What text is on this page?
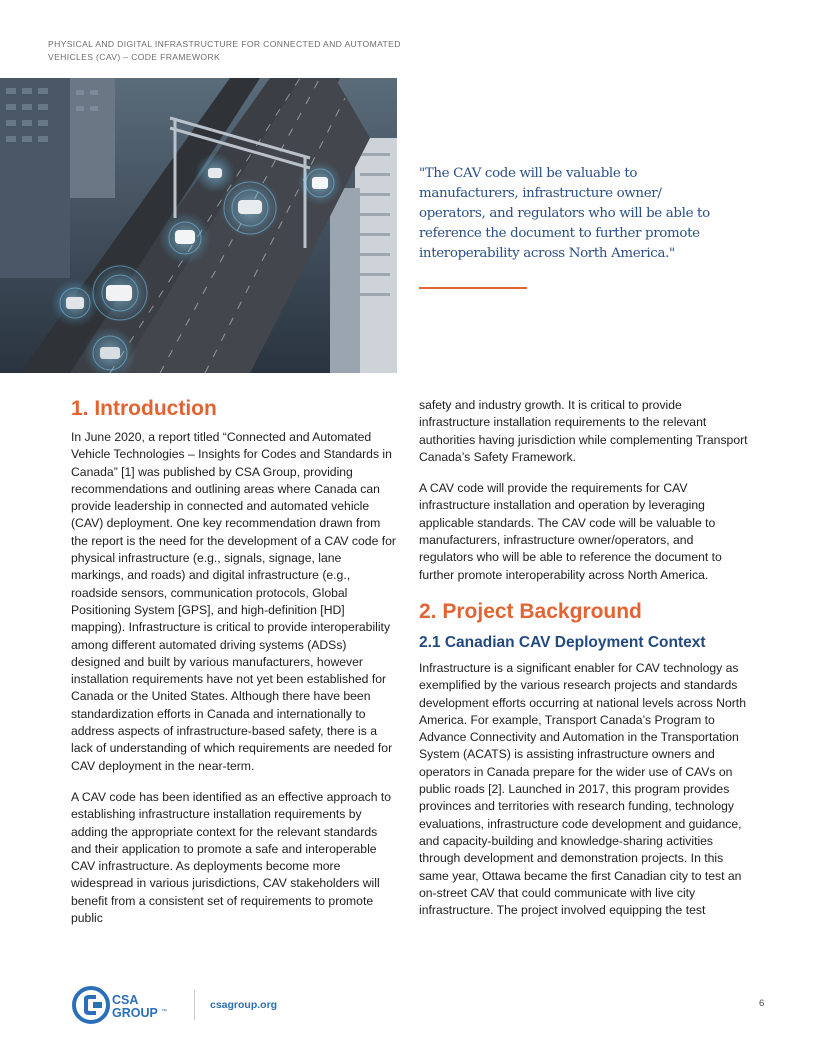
PHYSICAL AND DIGITAL INFRASTRUCTURE FOR CONNECTED AND AUTOMATED VEHICLES (CAV) – CODE FRAMEWORK
"The CAV code will be valuable to manufacturers, infrastructure owner/ operators, and regulators who will be able to reference the document to further promote interoperability across North America."
1. Introduction

In June 2020, a report titled “Connected and Automated Vehicle Technologies – Insights for Codes and Standards in Canada” [1] was published by CSA Group, providing recommendations and outlining areas where Canada can provide leadership in connected and automated vehicle (CAV) deployment. One key recommendation drawn from the report is the need for the development of a CAV code for physical infrastructure (e.g., signals, signage, lane markings, and roads) and digital infrastructure (e.g., roadside sensors, communication protocols, Global Positioning System [GPS], and high-definition [HD] mapping). Infrastructure is critical to provide interoperability among different automated driving systems (ADSs) designed and built by various manufacturers, however installation requirements have not yet been established for Canada or the United States. Although there have been standardization efforts in Canada and internationally to address aspects of infrastructure-based safety, there is a lack of understanding of which requirements are needed for CAV deployment in the near-term.

A CAV code has been identified as an effective approach to establishing infrastructure installation requirements by adding the appropriate context for the relevant standards and their application to promote a safe and interoperable CAV infrastructure. As deployments become more widespread in various jurisdictions, CAV stakeholders will benefit from a consistent set of requirements to promote public

safety and industry growth. It is critical to provide infrastructure installation requirements to the relevant authorities having jurisdiction while complementing Transport Canada’s Safety Framework.

A CAV code will provide the requirements for CAV infrastructure installation and operation by leveraging applicable standards. The CAV code will be valuable to manufacturers, infrastructure owner/operators, and regulators who will be able to reference the document to further promote interoperability across North America.

2. Project Background
2.1 Canadian CAV Deployment Context

Infrastructure is a significant enabler for CAV technology as exemplified by the various research projects and standards development efforts occurring at national levels across North America. For example, Transport Canada’s Program to Advance Connectivity and Automation in the Transportation System (ACATS) is assisting infrastructure owners and operators in Canada prepare for the wider use of CAVs on public roads [2]. Launched in 2017, this program provides provinces and territories with research funding, technology evaluations, infrastructure code development and guidance, and capacity-building and knowledge-sharing activities through development and demonstration projects. In this same year, Ottawa became the first Canadian city to test an on-street CAV that could communicate with live city infrastructure. The project involved equipping the test

CSA
GROUP ™
csagroup.org	6
